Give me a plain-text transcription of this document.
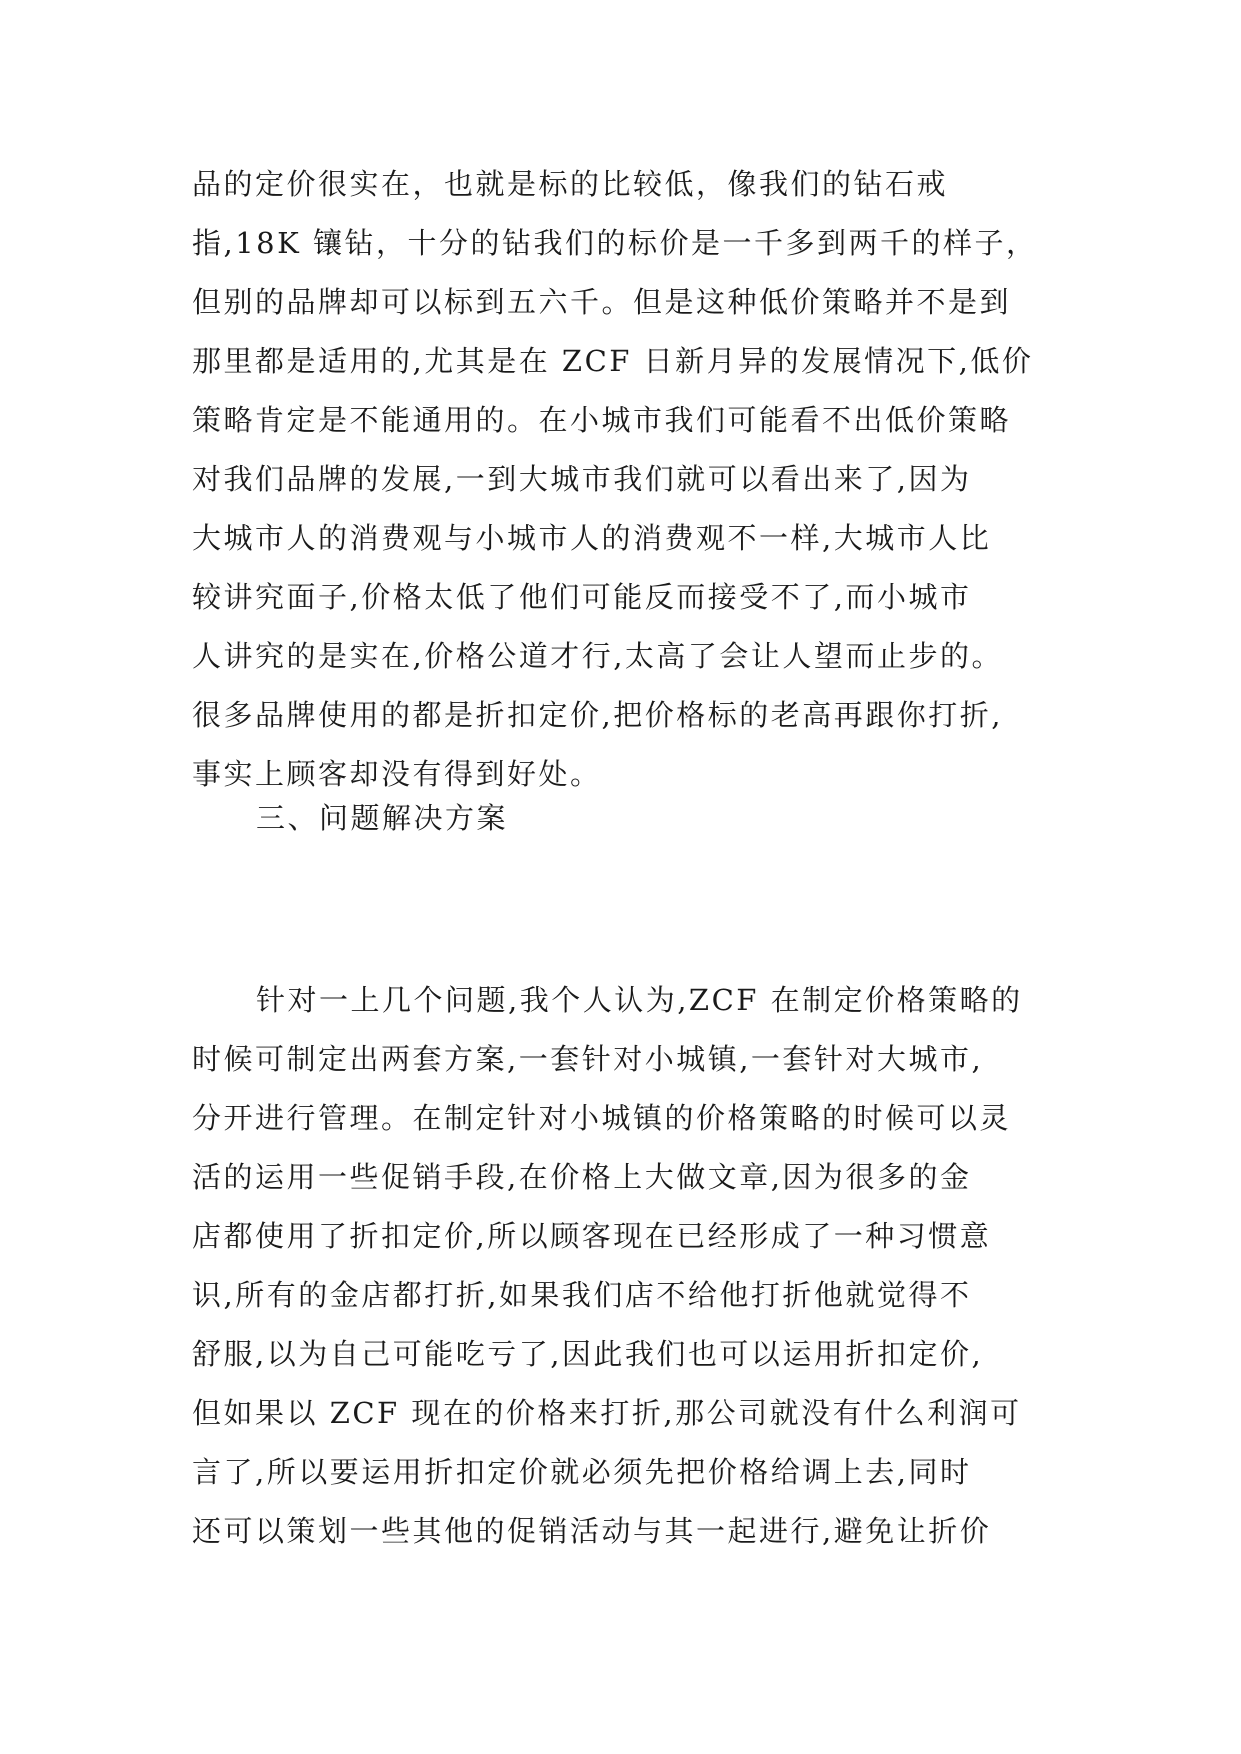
品的定价很实在，也就是标的比较低，像我们的钻石戒
指,18K 镶钻，十分的钻我们的标价是一千多到两千的样子，
但别的品牌却可以标到五六千。但是这种低价策略并不是到
那里都是适用的,尤其是在 ZCF 日新月异的发展情况下,低价
策略肯定是不能通用的。在小城市我们可能看不出低价策略
对我们品牌的发展,一到大城市我们就可以看出来了,因为
大城市人的消费观与小城市人的消费观不一样,大城市人比
较讲究面子,价格太低了他们可能反而接受不了,而小城市
人讲究的是实在,价格公道才行,太高了会让人望而止步的。
很多品牌使用的都是折扣定价,把价格标的老高再跟你打折,
事实上顾客却没有得到好处。
三、问题解决方案
针对一上几个问题,我个人认为,ZCF 在制定价格策略的
时候可制定出两套方案,一套针对小城镇,一套针对大城市,
分开进行管理。在制定针对小城镇的价格策略的时候可以灵
活的运用一些促销手段,在价格上大做文章,因为很多的金
店都使用了折扣定价,所以顾客现在已经形成了一种习惯意
识,所有的金店都打折,如果我们店不给他打折他就觉得不
舒服,以为自己可能吃亏了,因此我们也可以运用折扣定价,
但如果以 ZCF 现在的价格来打折,那公司就没有什么利润可
言了,所以要运用折扣定价就必须先把价格给调上去,同时
还可以策划一些其他的促销活动与其一起进行,避免让折价
